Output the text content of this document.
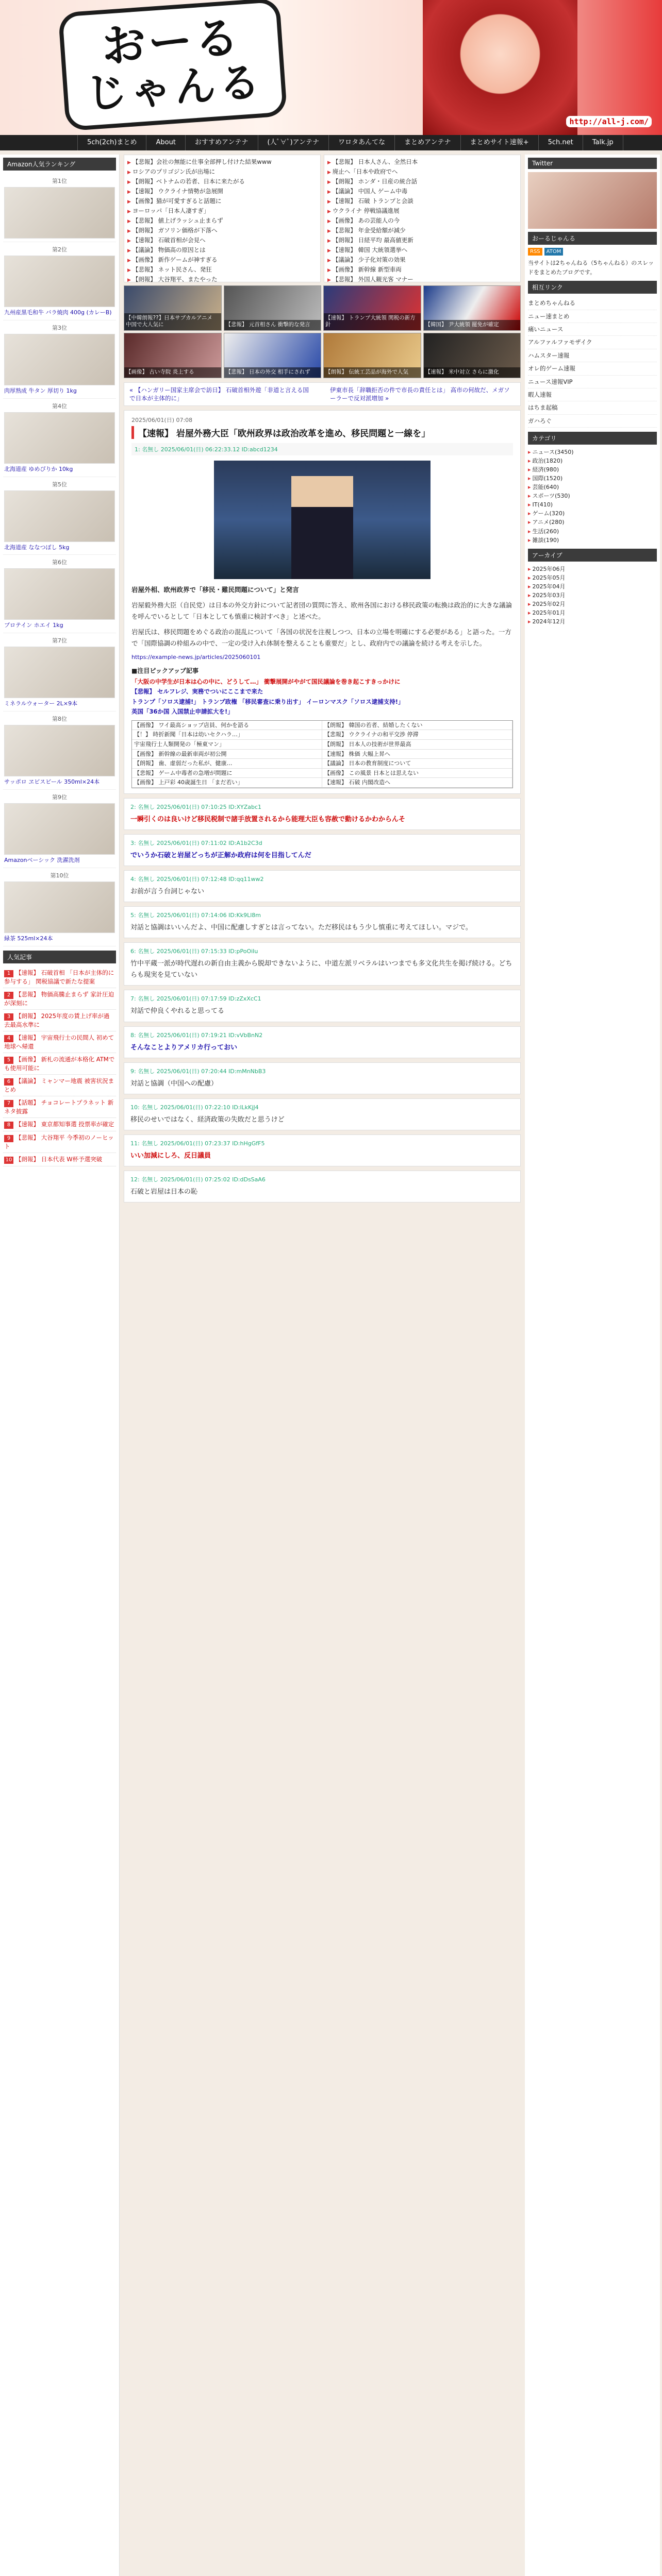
おーる
じゃんる
http://all-j.com/
5ch(2ch)まとめ	About	おすすめアンテナ	(人ﾟ∀ﾟ)アンテナ	ワロタあんてな	まとめアンテナ	まとめサイト速報+	5ch.net	Talk.jp
Amazon人気ランキング
第1位
第2位
九州産黒毛和牛 バラ焼肉 400g (カレーB)
第3位
肉厚熟成 牛タン 厚切り 1kg
第4位
北海道産 ゆめぴりか 10kg
第5位
北海道産 ななつぼし 5kg
第6位
プロテイン ホエイ 1kg
第7位
ミネラルウォーター 2L×9本
第8位
サッポロ ヱビスビール 350ml×24本
第9位
Amazonベーシック 洗濯洗剤
第10位
緑茶 525ml×24本
人気記事
1 【速報】 石破首相 「日本が主体的に参与する」 関税協議で新たな提案
2 【悲報】 物価高騰止まらず 家計圧迫が深刻に
3 【朗報】 2025年度の賃上げ率が過去最高水準に
4 【速報】 宇宙飛行士の民間人 初めて地球へ帰還
5 【画像】 新札の流通が本格化 ATMでも使用可能に
6 【議論】 ミャンマー地震 被害状況まとめ
7 【話題】 チョコレートプラネット 新ネタ披露
8 【速報】 東京都知事選 投票率が確定
9 【悲報】 大谷翔平 今季初のノーヒット
10 【朗報】 日本代表 W杯予選突破
▶ 【悲報】会社の無能に仕事全部押し付けた結果www
▶ ロシアのプリゴジン氏が出場に
▶ 【朗報】ベトナムの若者、日本に来たがる
▶ 【速報】 ウクライナ情勢が急展開
▶ 【画像】猫が可愛すぎると話題に
▶ ヨーロッパ「日本人凄すぎ」
▶ 【悲報】 値上げラッシュ止まらず
▶ 【朗報】 ガソリン価格が下落へ
▶ 【速報】 石破首相が会見へ
▶ 【議論】 物価高の原因とは
▶ 【画像】 新作ゲームが神すぎる
▶ 【悲報】 ネット民さん、発狂
▶ 【朗報】 大谷翔平、またやった
▶
▶ 【悲報】 日本人さん、全然日本
▶ 廃止へ「日本や政府でへ
▶ 【朗報】 ホンダ・日産の統合話
▶ 【議論】 中国人 ゲーム中毒
▶ 【速報】 石破 トランプと会談
▶ ウクライナ 停戦協議進展
▶ 【画像】 あの芸能人の今
▶ 【悲報】 年金受給額が減少
▶ 【朗報】 日経平均 最高値更新
▶ 【速報】 韓国 大統領選挙へ
▶ 【議論】 少子化対策の効果
▶ 【画像】 新幹線 新型車両
▶ 【悲報】 外国人観光客 マナー
▶
【中韓朗報??】日本サブカルアニメ 中国で大人気に	【悲報】 元首相さん 衝撃的な発言
【速報】 トランプ大統領 関税の新方針	【韓国】 尹大統領 罷免が確定
【画像】 古い寺院 炎上する	【悲報】 日本の外交 相手にされず	【朗報】 伝統工芸品が海外で人気	【速報】 米中対立 さらに激化
« 【ハンガリー国家主席会で訪日】 石破首相外遊「非道と言える国で日本が主体的に」
伊東市長「辞職拒否の件で市長の責任とは」 高市の何故だ、メガソーラーで反対派増加 »
2025/06/01(日) 07:08
【速報】 岩屋外務大臣「欧州政界は政治改革を進め、移民問題と一線を」
1: 名無し 2025/06/01(日) 06:22:33.12 ID:abcd1234
岩屋外相、欧州政界で「移民・難民問題について」と発言
岩屋毅外務大臣（自民党）は日本の外交方針について記者団の質問に答え、欧州各国における移民政策の転換は政治的に大きな議論を呼んでいるとして「日本としても慎重に検討すべき」と述べた。
岩屋氏は、移民問題をめぐる政治の混乱について「各国の状況を注視しつつ、日本の立場を明確にする必要がある」と語った。一方で「国際協調の枠組みの中で、一定の受け入れ体制を整えることも重要だ」とし、政府内での議論を続ける考えを示した。
https://example-news.jp/articles/2025060101
■注目ピックアップ記事
「大阪の中学生が日本は心の中に、どうして…」 衝撃展開がやがて国民議論を巻き起こすきっかけに
【悲報】 セルフレジ、実務でついにここまで来た
トランプ「ソロス逮捕!」 トランプ政権 「移民審査に乗り出す」 イーロンマスク「ソロス逮捕支持!」
英国「36か国 入国禁止申請拡大を!」
【画像】 ワイ最高ショップ店員、何かを語る	【朗報】 韓国の若者、結婚したくない
【！】 時折新聞「日本は幼いセクハラ…」	【悲報】 ウクライナの和平交渉 停滞
宇宙飛行士人類開発の「極東マン」	【朗報】 日本人の技術が世界最高
【画像】 新幹線の最新車両が初公開	【速報】 株価 大幅上昇へ
【朗報】 歯、虚弱だった私が、健康…	【議論】 日本の教育制度について
【悲報】 ゲーム中毒者の急増が問題に	【画像】 この風景 日本とは思えない
【画像】 上戸彩 40歳誕生日 「まだ若い」	【速報】 石破 内閣改造へ
2: 名無し 2025/06/01(日) 07:10:25 ID:XYZabc1
一瞬引くのは良いけど移民税制で諸手放置されるから能理大臣も容赦で動けるかわからんそ
3: 名無し 2025/06/01(日) 07:11:02 ID:A1b2C3d
でいうか石破と岩屋どっちが正解か政府は何を目指してんだ
4: 名無し 2025/06/01(日) 07:12:48 ID:qq11ww2
お前が言う台詞じゃない
5: 名無し 2025/06/01(日) 07:14:06 ID:Kk9Ll8m
対話と協調はいいんだよ、中国に配慮しすぎとは言ってない。ただ移民はもう少し慎重に考えてほしい。マジで。
6: 名無し 2025/06/01(日) 07:15:33 ID:pPoOiIu
竹中平蔵一派が時代遅れの新自由主義から脱却できないように、中道左派リベラルはいつまでも多文化共生を掲げ続ける。どちらも現実を見ていない
7: 名無し 2025/06/01(日) 07:17:59 ID:zZxXcC1
対話で仲良くやれると思ってる
8: 名無し 2025/06/01(日) 07:19:21 ID:vVbBnN2
そんなことよりアメリカ行っておい
9: 名無し 2025/06/01(日) 07:20:44 ID:mMnNbB3
対話と協調（中国への配慮）
10: 名無し 2025/06/01(日) 07:22:10 ID:lLkKjJ4
移民のせいではなく、経済政策の失敗だと思うけど
11: 名無し 2025/06/01(日) 07:23:37 ID:hHgGfF5
いい加減にしろ、反日議員
12: 名無し 2025/06/01(日) 07:25:02 ID:dDsSaA6
石破と岩屋は日本の恥
Twitter
おーるじゃんる
RSS	ATOM
当サイトは2ちゃんねる（5ちゃんねる）のスレッドをまとめたブログです。
相互リンク
まとめちゃんねる
ニュー速まとめ
痛いニュース
アルファルファモザイク
ハムスター速報
オレ的ゲーム速報
ニュース速報VIP
暇人速報
はちま起稿
ガハろぐ
カテゴリ
▸ ニュース(3450)
▸ 政治(1820)
▸ 経済(980)
▸ 国際(1520)
▸ 芸能(640)
▸ スポーツ(530)
▸ IT(410)
▸ ゲーム(320)
▸ アニメ(280)
▸ 生活(260)
▸ 雑談(190)
アーカイブ
▸ 2025年06月
▸ 2025年05月
▸ 2025年04月
▸ 2025年03月
▸ 2025年02月
▸ 2025年01月
▸ 2024年12月
